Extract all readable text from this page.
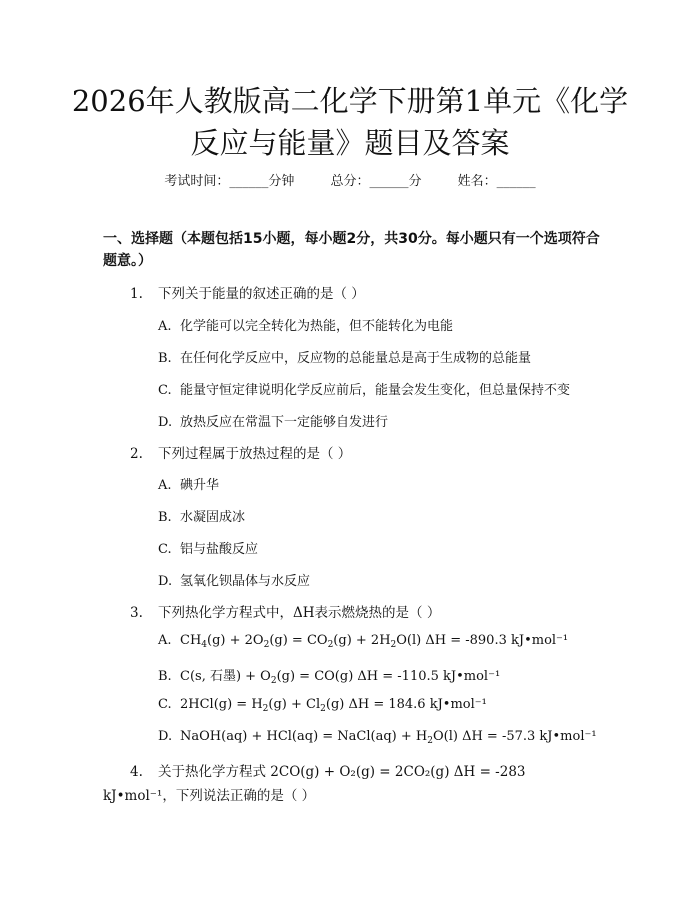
2026年人教版高二化学下册第1单元《化学
反应与能量》题目及答案
考试时间：______分钟	总分：______分	姓名：______
一、选择题（本题包括15小题，每小题2分，共30分。每小题只有一个选项符合题意。）
1. 下列关于能量的叙述正确的是（ ）
A. 化学能可以完全转化为热能，但不能转化为电能
B. 在任何化学反应中，反应物的总能量总是高于生成物的总能量
C. 能量守恒定律说明化学反应前后，能量会发生变化，但总量保持不变
D. 放热反应在常温下一定能够自发进行
2. 下列过程属于放热过程的是（ ）
A. 碘升华
B. 水凝固成冰
C. 铝与盐酸反应
D. 氢氧化钡晶体与水反应
3. 下列热化学方程式中，ΔH表示燃烧热的是（ ）
A. $CH_4(g) + 2O_2(g) = CO_2(g) + 2H_2O(l) \Delta H = -890.3$ kJ•mol⁻¹
B. C(s, 石墨) + $O_2(g) = CO(g) \Delta H = -110.5$ kJ•mol⁻¹
C. $2HCl(g) = H_2(g) + Cl_2(g) \Delta H = 184.6$ kJ•mol⁻¹
D. NaOH(aq) + HCl(aq) = NaCl(aq) + $H_2O(l) \Delta H = -57.3$ kJ•mol⁻¹
4. 关于热化学方程式 2CO(g) + O₂(g) = 2CO₂(g) ΔH = -283
kJ•mol⁻¹，下列说法正确的是（ ）
